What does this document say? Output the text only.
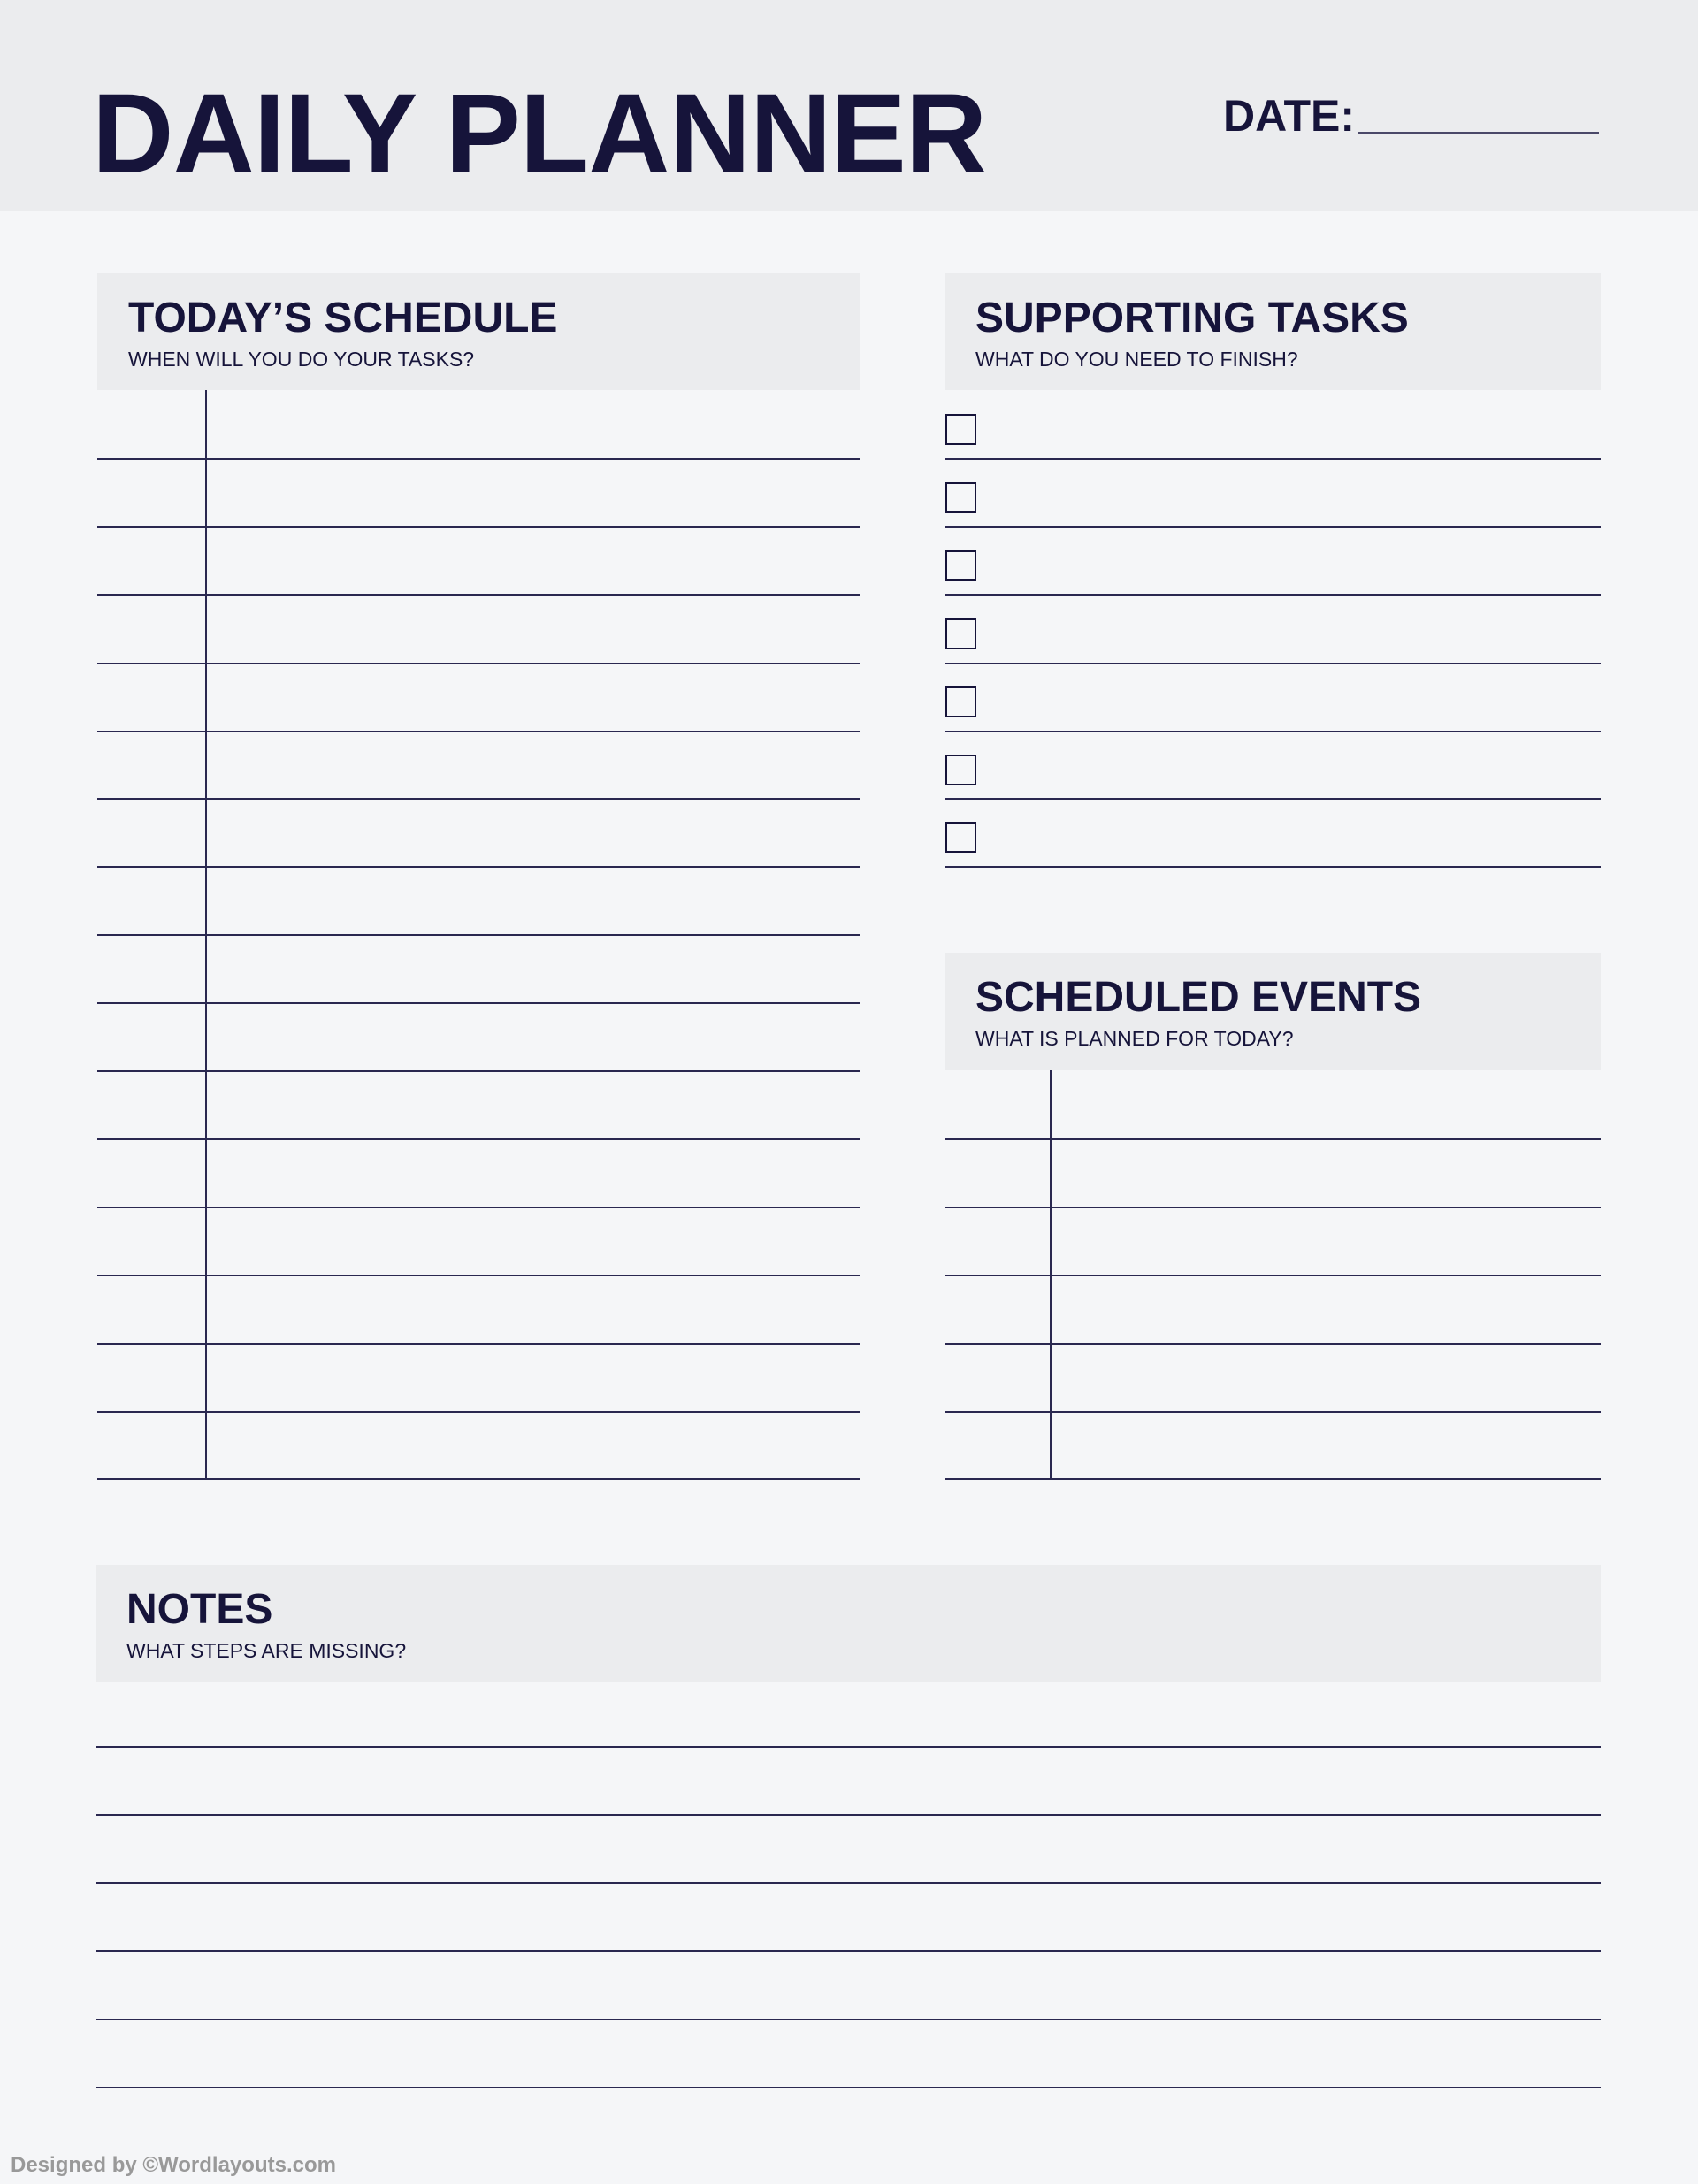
DAILY PLANNER	DATE:
TODAY’S SCHEDULE
WHEN WILL YOU DO YOUR TASKS?
SUPPORTING TASKS
WHAT DO YOU NEED TO FINISH?
SCHEDULED EVENTS
WHAT IS PLANNED FOR TODAY?
NOTES
WHAT STEPS ARE MISSING?
Designed by ©Wordlayouts.com
